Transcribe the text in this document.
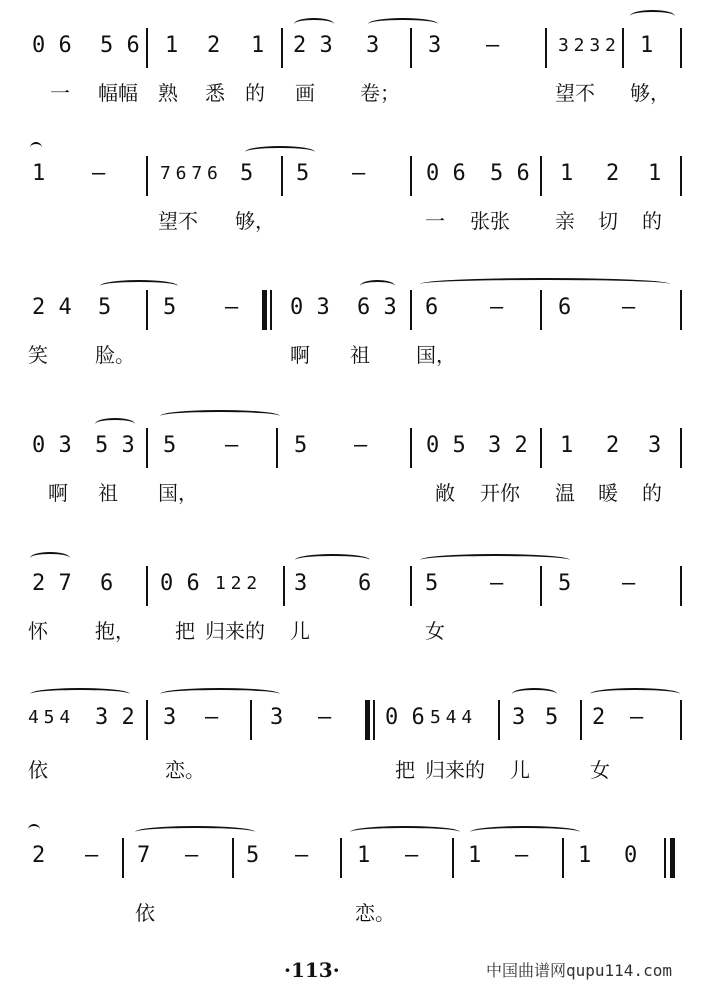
0 6 5 6 1 2 1 2 3 3 3 —	3 2 3 2 1
一 幅幅 熟 悉 的 画 卷；	望不 够，
1 —	7 6 7 6 5 5 —	0 6 5 6 1 2 1
望不 够，	一 张张 亲 切 的
2 4 5 5 — 0 3 6 3 6 — 6 —
笑 脸。	啊 祖 国，
0 3 5 3 5 —	5 —	0 5 3 2 1 2 3
啊 祖 国，	敞 开你 温 暖 的
2 7 6 0 6 1 2 2 3 6 5 — 5 —
怀 抱， 把 归来的 儿	女
4 5 4 3 2 3 — 3 — 0 6 5 4 4 3 5 2 —
依	恋。	把 归来的 儿	女
2 — 7 — 5 — 1 — 1 — 1 0
依	恋。
·113·	中国曲谱网qupu114.com
